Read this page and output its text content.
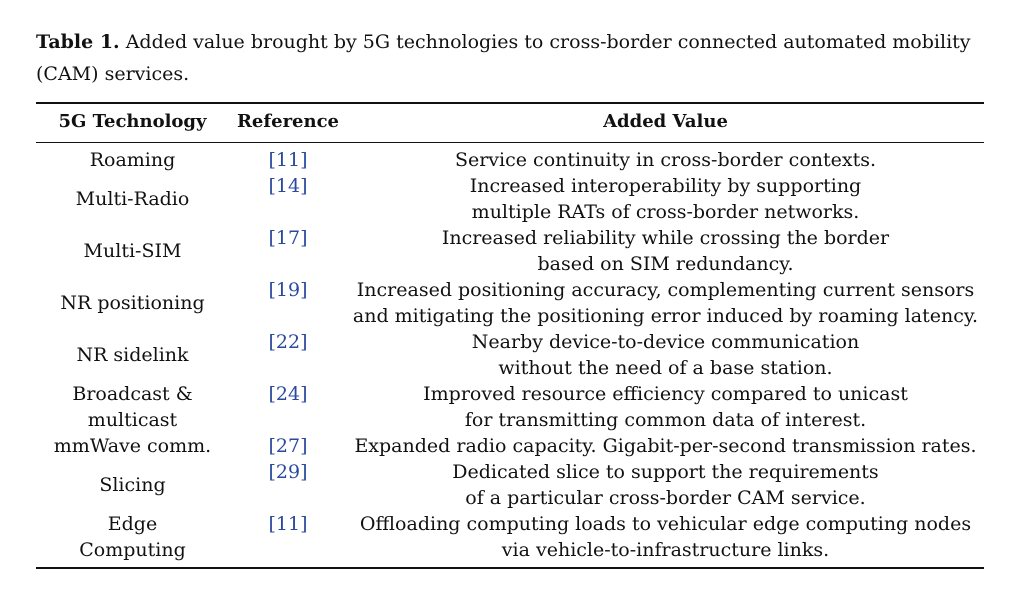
Table 1. Added value brought by 5G technologies to cross-border connected automated mobility (CAM) services.
5G Technology	Reference	Added Value

Roaming	[11]	Service continuity in cross-border contexts.

Multi-Radio	[14]	Increased interoperability by supporting
multiple RATs of cross-border networks.

Multi-SIM	[17]	Increased reliability while crossing the border
based on SIM redundancy.

NR positioning	[19]	Increased positioning accuracy, complementing current sensors
and mitigating the positioning error induced by roaming latency.

NR sidelink	[22]	Nearby device-to-device communication
without the need of a base station.

Broadcast &
multicast	[24]	Improved resource efficiency compared to unicast
for transmitting common data of interest.

mmWave comm.	[27]	Expanded radio capacity. Gigabit-per-second transmission rates.

Slicing	[29]	Dedicated slice to support the requirements
of a particular cross-border CAM service.

Edge
Computing	[11]	Offloading computing loads to vehicular edge computing nodes
via vehicle-to-infrastructure links.
